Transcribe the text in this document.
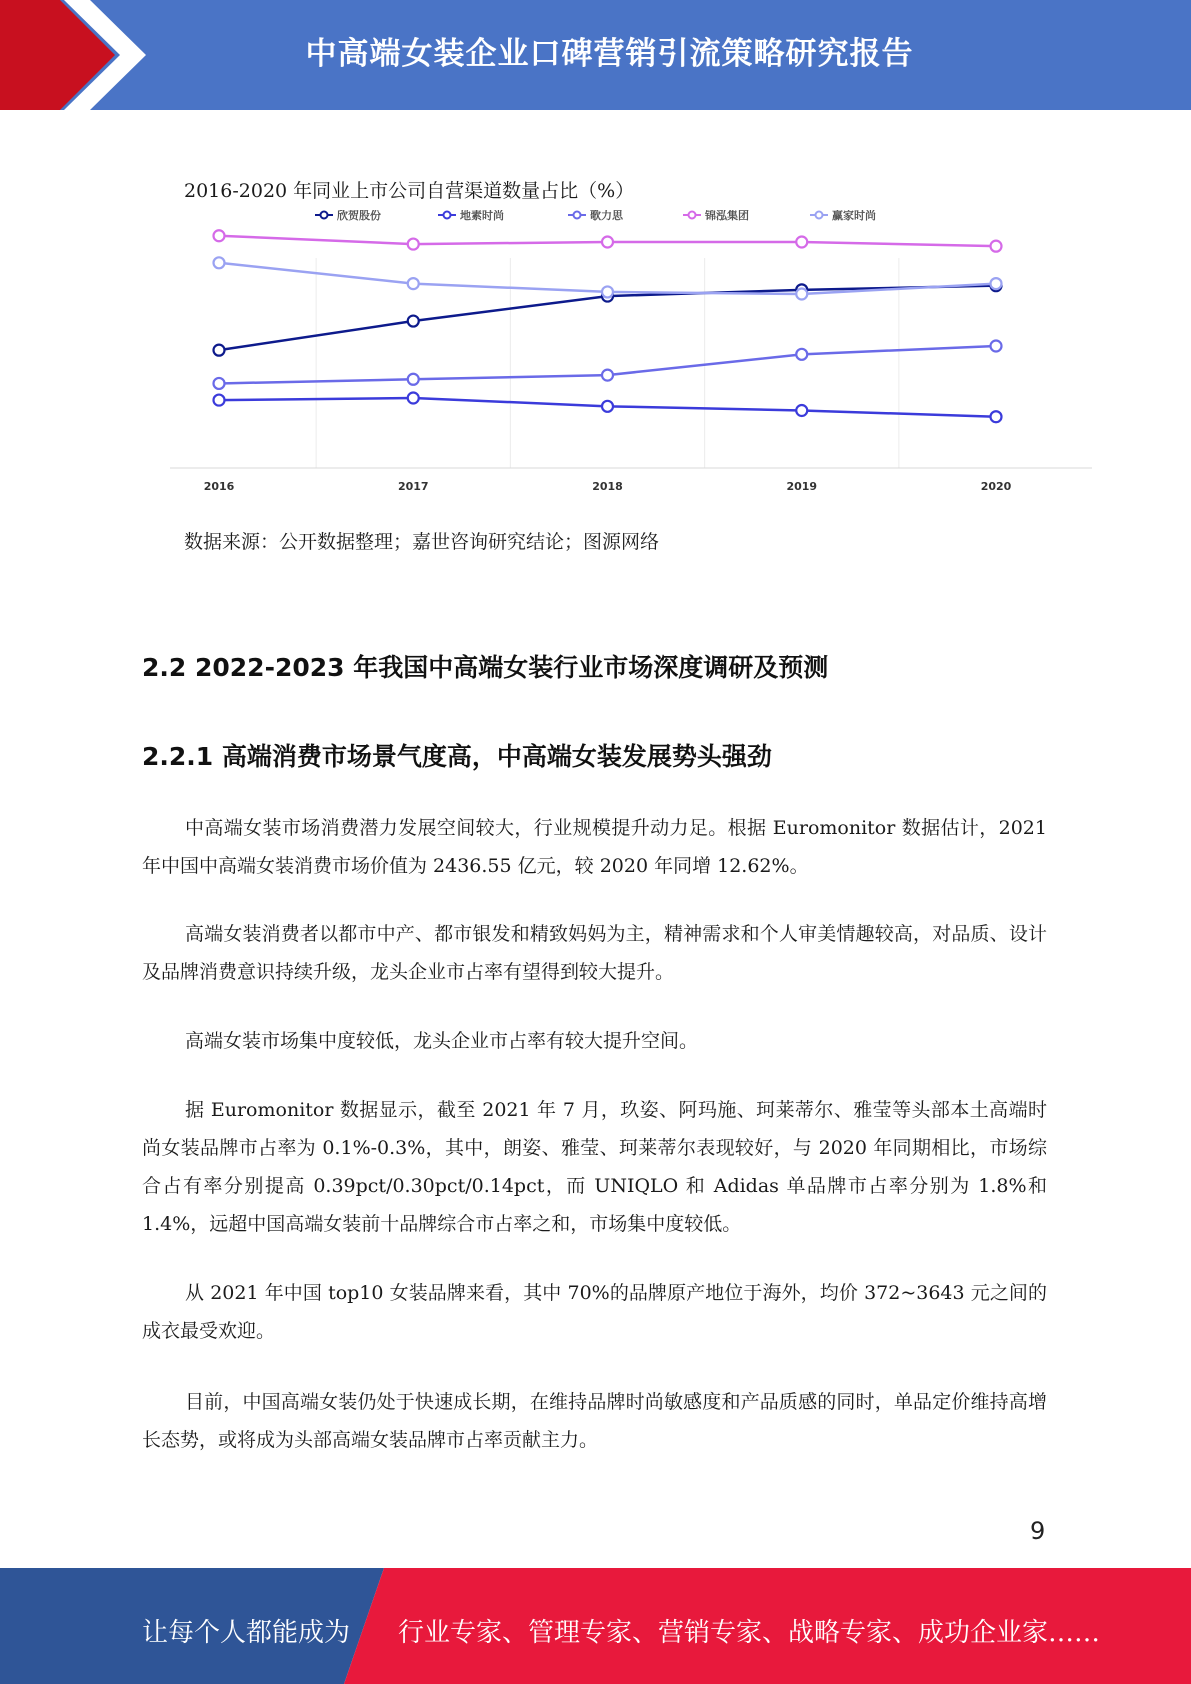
中高端女装企业口碑营销引流策略研究报告
2016-2020 年同业上市公司自营渠道数量占比（%）
欣贺股份	地素时尚	歌力思	锦泓集团	赢家时尚
2016	2017	2018	2019	2020
数据来源：公开数据整理；嘉世咨询研究结论；图源网络
2.2 2022-2023 年我国中高端女装行业市场深度调研及预测
2.2.1 高端消费市场景气度高，中高端女装发展势头强劲

中高端女装市场消费潜力发展空间较大，行业规模提升动力足。根据 Euromonitor 数据估计，2021 年中国中高端女装消费市场价值为 2436.55 亿元，较 2020 年同增 12.62%。

高端女装消费者以都市中产、都市银发和精致妈妈为主，精神需求和个人审美情趣较高，对品质、设计及品牌消费意识持续升级，龙头企业市占率有望得到较大提升。

高端女装市场集中度较低，龙头企业市占率有较大提升空间。

据 Euromonitor 数据显示，截至 2021 年 7 月，玖姿、阿玛施、珂莱蒂尔、雅莹等头部本土高端时尚女装品牌市占率为 0.1%-0.3%，其中，朗姿、雅莹、珂莱蒂尔表现较好，与 2020 年同期相比，市场综合占有率分别提高 0.39pct/0.30pct/0.14pct，而 UNIQLO 和 Adidas 单品牌市占率分别为 1.8%和 1.4%，远超中国高端女装前十品牌综合市占率之和，市场集中度较低。

从 2021 年中国 top10 女装品牌来看，其中 70%的品牌原产地位于海外，均价 372~3643 元之间的成衣最受欢迎。

目前，中国高端女装仍处于快速成长期，在维持品牌时尚敏感度和产品质感的同时，单品定价维持高增长态势，或将成为头部高端女装品牌市占率贡献主力。

9
让每个人都能成为 行业专家、管理专家、营销专家、战略专家、成功企业家……
